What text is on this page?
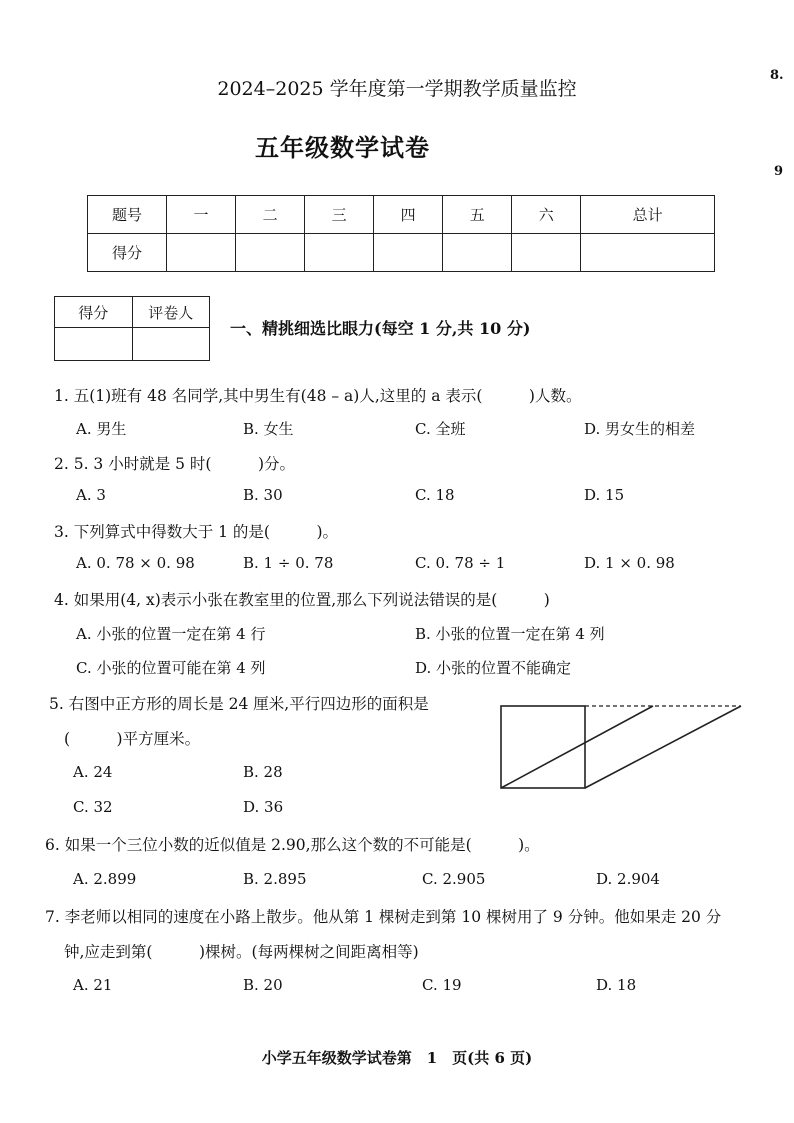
2024–2025 学年度第一学期教学质量监控
五年级数学试卷
8.
9
题号	一	二	三	四	五	六	总计
得分							
得分	评卷人

一、精挑细选比眼力(每空 1 分,共 10 分)
1. 五(1)班有 48 名同学,其中男生有(48 – a)人,这里的 a 表示(　　　)人数。
A. 男生	B. 女生	C. 全班	D. 男女生的相差
2. 5. 3 小时就是 5 时(　　　)分。
A. 3	B. 30	C. 18	D. 15
3. 下列算式中得数大于 1 的是(　　　)。
A. 0. 78 × 0. 98	B. 1 ÷ 0. 78	C. 0. 78 ÷ 1	D. 1 × 0. 98
4. 如果用(4, x)表示小张在教室里的位置,那么下列说法错误的是(　　　)
A. 小张的位置一定在第 4 行	B. 小张的位置一定在第 4 列
C. 小张的位置可能在第 4 列	D. 小张的位置不能确定
5. 右图中正方形的周长是 24 厘米,平行四边形的面积是
(　　　)平方厘米。
A. 24	B. 28
C. 32	D. 36
6. 如果一个三位小数的近似值是 2.90,那么这个数的不可能是(　　　)。
A. 2.899	B. 2.895	C. 2.905	D. 2.904
7. 李老师以相同的速度在小路上散步。他从第 1 棵树走到第 10 棵树用了 9 分钟。他如果走 20 分
钟,应走到第(　　　)棵树。(每两棵树之间距离相等)
A. 21	B. 20	C. 19	D. 18
小学五年级数学试卷第　1　页(共 6 页)
